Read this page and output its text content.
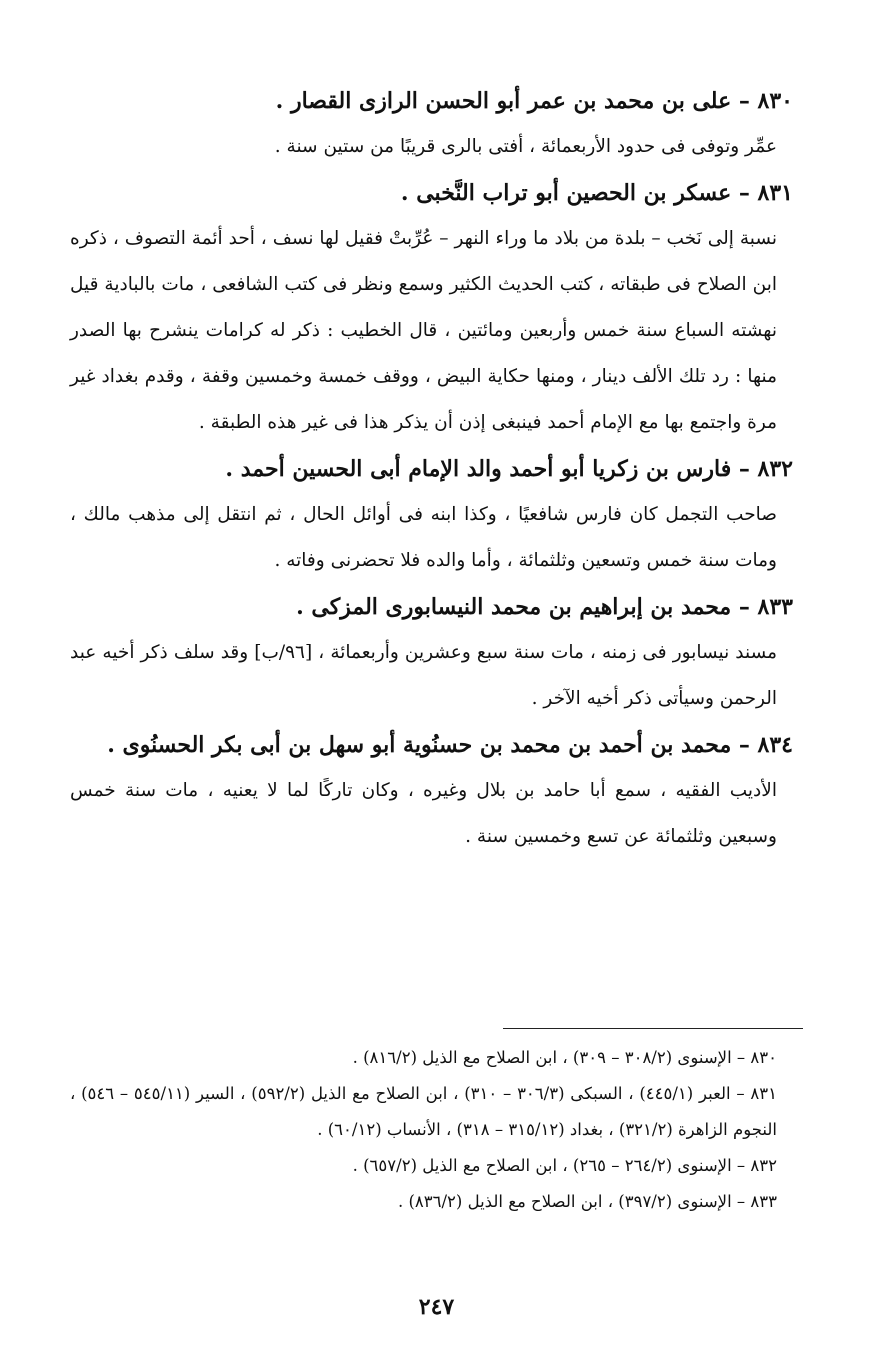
٨٣٠ – على بن محمد بن عمر أبو الحسن الرازى القصار .

عمِّر وتوفى فى حدود الأربعمائة ، أفتى بالرى قريبًا من ستين سنة .

٨٣١ – عسكر بن الحصين أبو تراب النَّخبى .

نسبة إلى نَخب – بلدة من بلاد ما وراء النهر – عُرِّبتْ فقيل لها نسف ، أحد أئمة التصوف ، ذكره ابن الصلاح فى طبقاته ، كتب الحديث الكثير وسمع ونظر فى كتب الشافعى ، مات بالبادية قيل نهشته السباع سنة خمس وأربعين ومائتين ، قال الخطيب : ذكر له كرامات ينشرح بها الصدر منها : رد تلك الألف دينار ، ومنها حكاية البيض ، ووقف خمسة وخمسين وقفة ، وقدم بغداد غير مرة واجتمع بها مع الإمام أحمد فينبغى إذن أن يذكر هذا فى غير هذه الطبقة .

٨٣٢ – فارس بن زكريا أبو أحمد والد الإمام أبى الحسين أحمد .

صاحب التجمل كان فارس شافعيًا ، وكذا ابنه فى أوائل الحال ، ثم انتقل إلى مذهب مالك ، ومات سنة خمس وتسعين وثلثمائة ، وأما والده فلا تحضرنى وفاته .

٨٣٣ – محمد بن إبراهيم بن محمد النيسابورى المزكى .

مسند نيسابور فى زمنه ، مات سنة سبع وعشرين وأربعمائة ، [٩٦/ب] وقد سلف ذكر أخيه عبد الرحمن وسيأتى ذكر أخيه الآخر .

٨٣٤ – محمد بن أحمد بن محمد بن حسنُوية أبو سهل بن أبى بكر الحسنُوى .

الأديب الفقيه ، سمع أبا حامد بن بلال وغيره ، وكان تاركًا لما لا يعنيه ، مات سنة خمس وسبعين وثلثمائة عن تسع وخمسين سنة .

٨٣٠ – الإسنوى (٣٠٨/٢ – ٣٠٩) ، ابن الصلاح مع الذيل (٨١٦/٢) .

٨٣١ – العبر (٤٤٥/١) ، السبكى (٣٠٦/٣ – ٣١٠) ، ابن الصلاح مع الذيل (٥٩٢/٢) ، السير (٥٤٥/١١ – ٥٤٦) ، النجوم الزاهرة (٣٢١/٢) ، بغداد (٣١٥/١٢ – ٣١٨) ، الأنساب (٦٠/١٢) .

٨٣٢ – الإسنوى (٢٦٤/٢ – ٢٦٥) ، ابن الصلاح مع الذيل (٦٥٧/٢) .

٨٣٣ – الإسنوى (٣٩٧/٢) ، ابن الصلاح مع الذيل (٨٣٦/٢) .

٢٤٧
